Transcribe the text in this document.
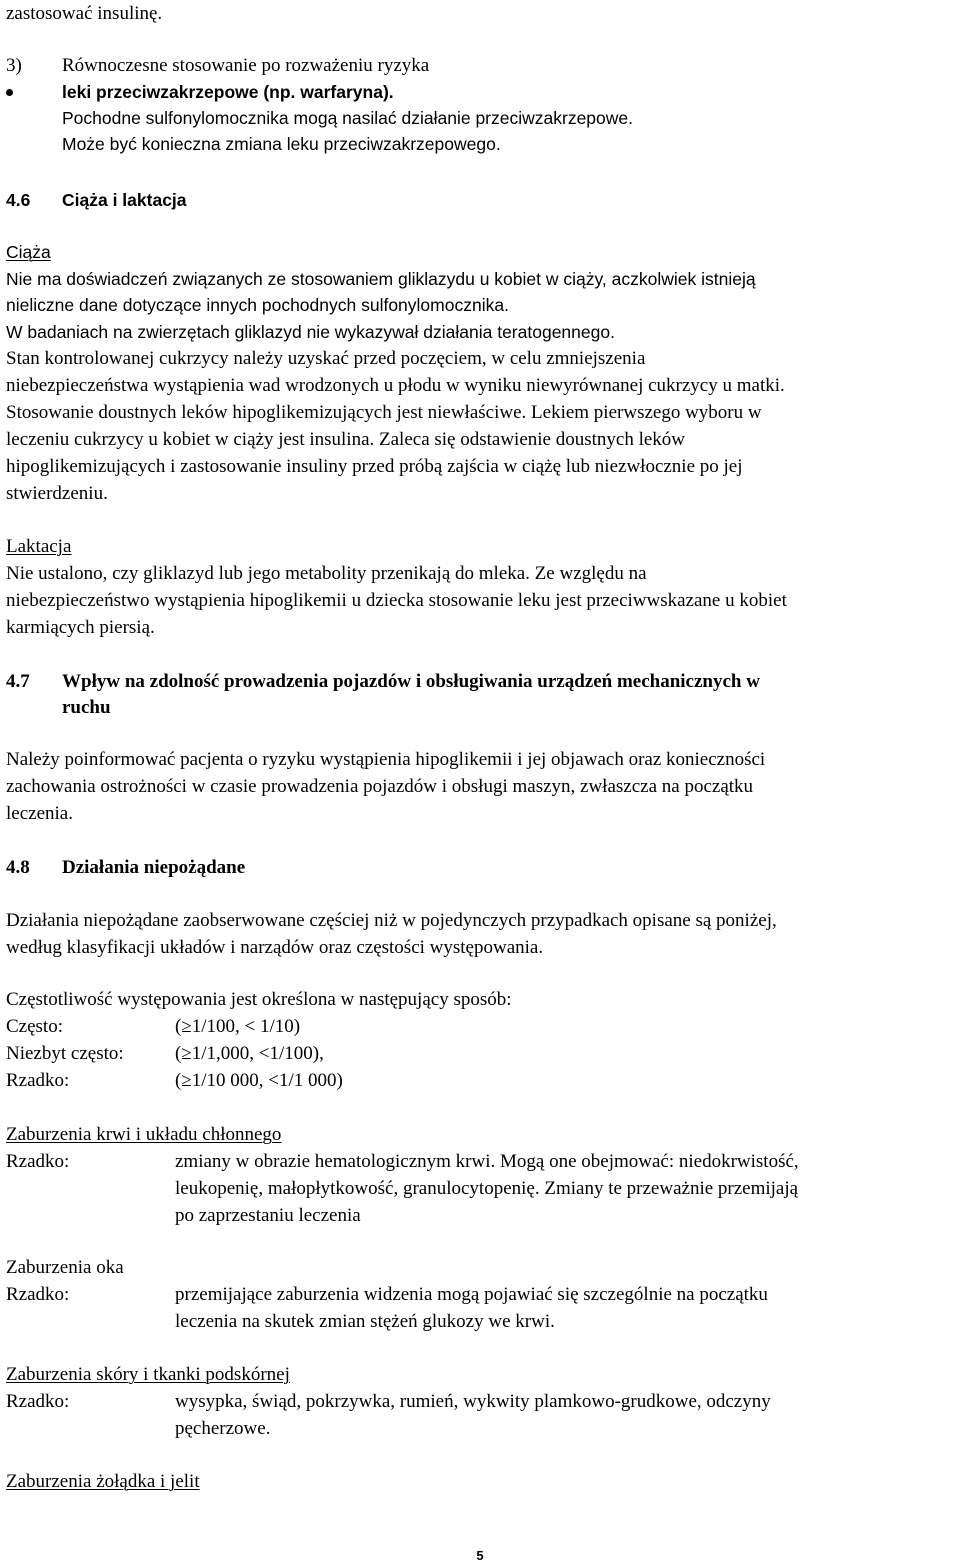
zastosować insulinę.
3) Równoczesne stosowanie po rozważeniu ryzyka
leki przeciwzakrzepowe (np. warfaryna).
Pochodne sulfonylomocznika mogą nasilać działanie przeciwzakrzepowe.
Może być konieczna zmiana leku przeciwzakrzepowego.
4.6 Ciąża i laktacja
Ciąża
Nie ma doświadczeń związanych ze stosowaniem gliklazydu u kobiet w ciąży, aczkolwiek istnieją
nieliczne dane dotyczące innych pochodnych sulfonylomocznika.
W badaniach na zwierzętach gliklazyd nie wykazywał działania teratogennego.
Stan kontrolowanej cukrzycy należy uzyskać przed poczęciem, w celu zmniejszenia
niebezpieczeństwa wystąpienia wad wrodzonych u płodu w wyniku niewyrównanej cukrzycy u matki.
Stosowanie doustnych leków hipoglikemizujących jest niewłaściwe. Lekiem pierwszego wyboru w
leczeniu cukrzycy u kobiet w ciąży jest insulina. Zaleca się odstawienie doustnych leków
hipoglikemizujących i zastosowanie insuliny przed próbą zajścia w ciążę lub niezwłocznie po jej
stwierdzeniu.
Laktacja
Nie ustalono, czy gliklazyd lub jego metabolity przenikają do mleka. Ze względu na
niebezpieczeństwo wystąpienia hipoglikemii u dziecka stosowanie leku jest przeciwwskazane u kobiet
karmiących piersią.
4.7 Wpływ na zdolność prowadzenia pojazdów i obsługiwania urządzeń mechanicznych w
ruchu
Należy poinformować pacjenta o ryzyku wystąpienia hipoglikemii i jej objawach oraz konieczności
zachowania ostrożności w czasie prowadzenia pojazdów i obsługi maszyn, zwłaszcza na początku
leczenia.
4.8 Działania niepożądane
Działania niepożądane zaobserwowane częściej niż w pojedynczych przypadkach opisane są poniżej,
według klasyfikacji układów i narządów oraz częstości występowania.
Częstotliwość występowania jest określona w następujący sposób:
Często:	(≥1/100, < 1/10)
Niezbyt często:	(≥1/1,000, <1/100),
Rzadko:	(≥1/10 000, <1/1 000)
Zaburzenia krwi i układu chłonnego
Rzadko:	zmiany w obrazie hematologicznym krwi. Mogą one obejmować: niedokrwistość,
leukopenię, małopłytkowość, granulocytopenię. Zmiany te przeważnie przemijają
po zaprzestaniu leczenia
Zaburzenia oka
Rzadko:	przemijające zaburzenia widzenia mogą pojawiać się szczególnie na początku
leczenia na skutek zmian stężeń glukozy we krwi.
Zaburzenia skóry i tkanki podskórnej
Rzadko:	wysypka, świąd, pokrzywka, rumień, wykwity plamkowo-grudkowe, odczyny
pęcherzowe.
Zaburzenia żołądka i jelit
5
